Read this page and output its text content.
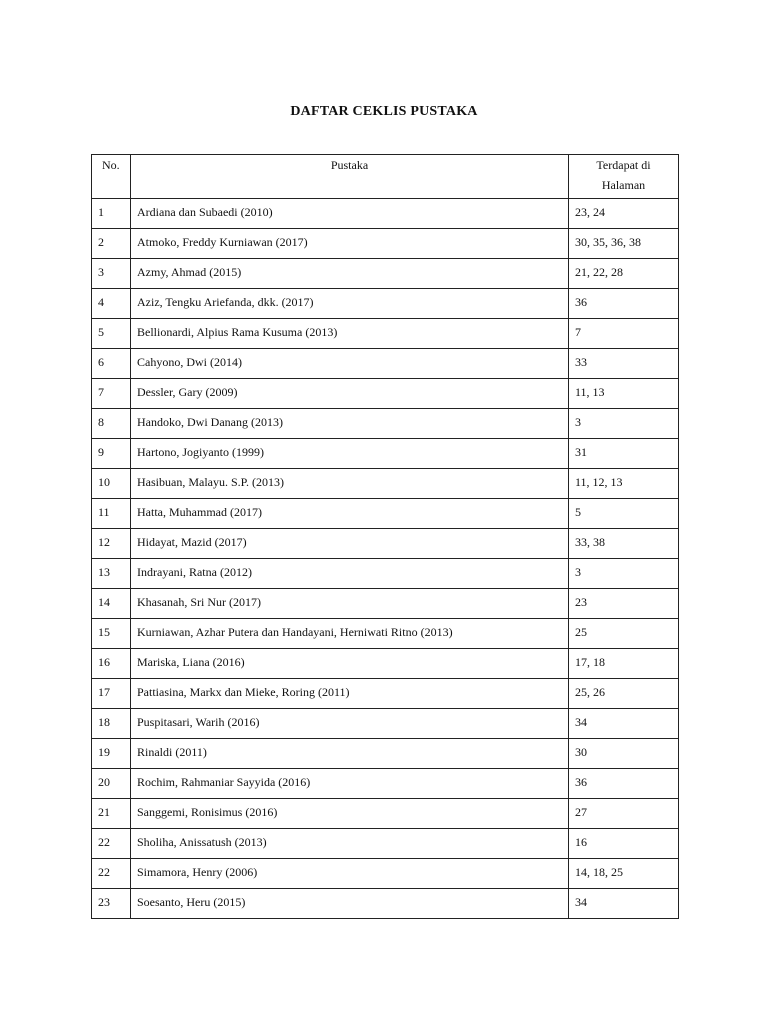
DAFTAR CEKLIS PUSTAKA
No.	Pustaka	Terdapat di
Halaman
1	Ardiana dan Subaedi (2010)	23, 24
2	Atmoko, Freddy Kurniawan (2017)	30, 35, 36, 38
3	Azmy, Ahmad (2015)	21, 22, 28
4	Aziz, Tengku Ariefanda, dkk. (2017)	36
5	Bellionardi, Alpius Rama Kusuma (2013)	7
6	Cahyono, Dwi (2014)	33
7	Dessler, Gary (2009)	11, 13
8	Handoko, Dwi Danang (2013)	3
9	Hartono, Jogiyanto (1999)	31
10	Hasibuan, Malayu. S.P. (2013)	11, 12, 13
11	Hatta, Muhammad (2017)	5
12	Hidayat, Mazid (2017)	33, 38
13	Indrayani, Ratna (2012)	3
14	Khasanah, Sri Nur (2017)	23
15	Kurniawan, Azhar Putera dan Handayani, Herniwati Ritno (2013)	25
16	Mariska, Liana (2016)	17, 18
17	Pattiasina, Markx dan Mieke, Roring (2011)	25, 26
18	Puspitasari, Warih (2016)	34
19	Rinaldi (2011)	30
20	Rochim, Rahmaniar Sayyida (2016)	36
21	Sanggemi, Ronisimus (2016)	27
22	Sholiha, Anissatush (2013)	16
22	Simamora, Henry (2006)	14, 18, 25
23	Soesanto, Heru (2015)	34
